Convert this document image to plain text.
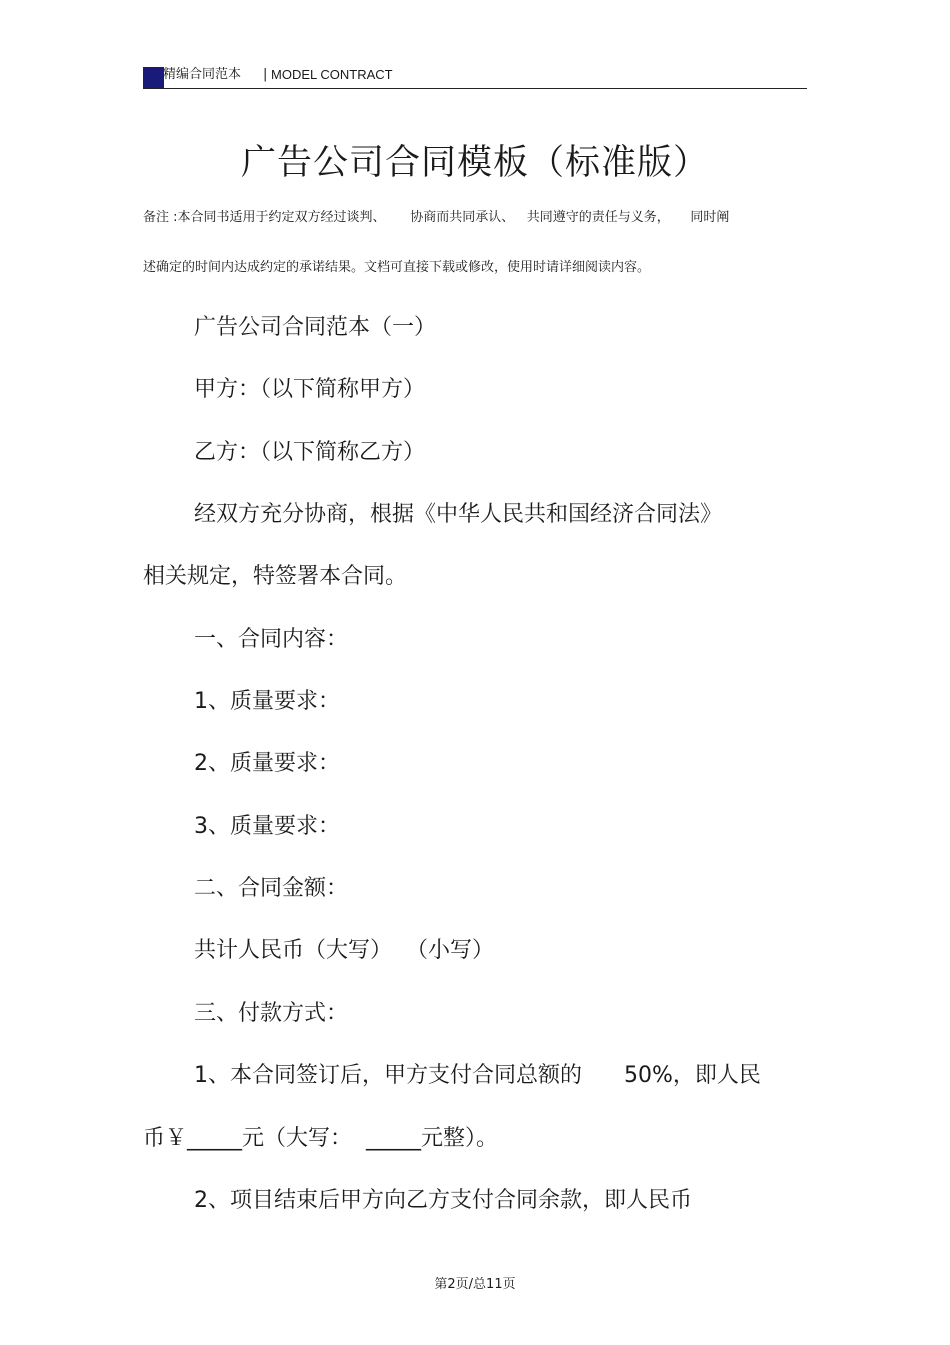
精编合同范本 | MODEL CONTRACT
广告公司合同模板（标准版）
备注 :本合同书适用于约定双方经过谈判、      协商而共同承认、   共同遵守的责任与义务，     同时阐
述确定的时间内达成约定的承诺结果。文档可直接下载或修改，使用时请详细阅读内容。
广告公司合同范本（一）
甲方：（以下简称甲方）
乙方：（以下简称乙方）
经双方充分协商，根据《中华人民共和国经济合同法》
相关规定，特签署本合同。
一、合同内容：
1、质量要求：
2、质量要求：
3、质量要求：
二、合同金额：
共计人民币（大写）  （小写）
三、付款方式：
1、本合同签订后，甲方支付合同总额的      50%，即人民
币￥_____元（大写：  _____元整）。
2、项目结束后甲方向乙方支付合同余款，即人民币
第2页/总11页
